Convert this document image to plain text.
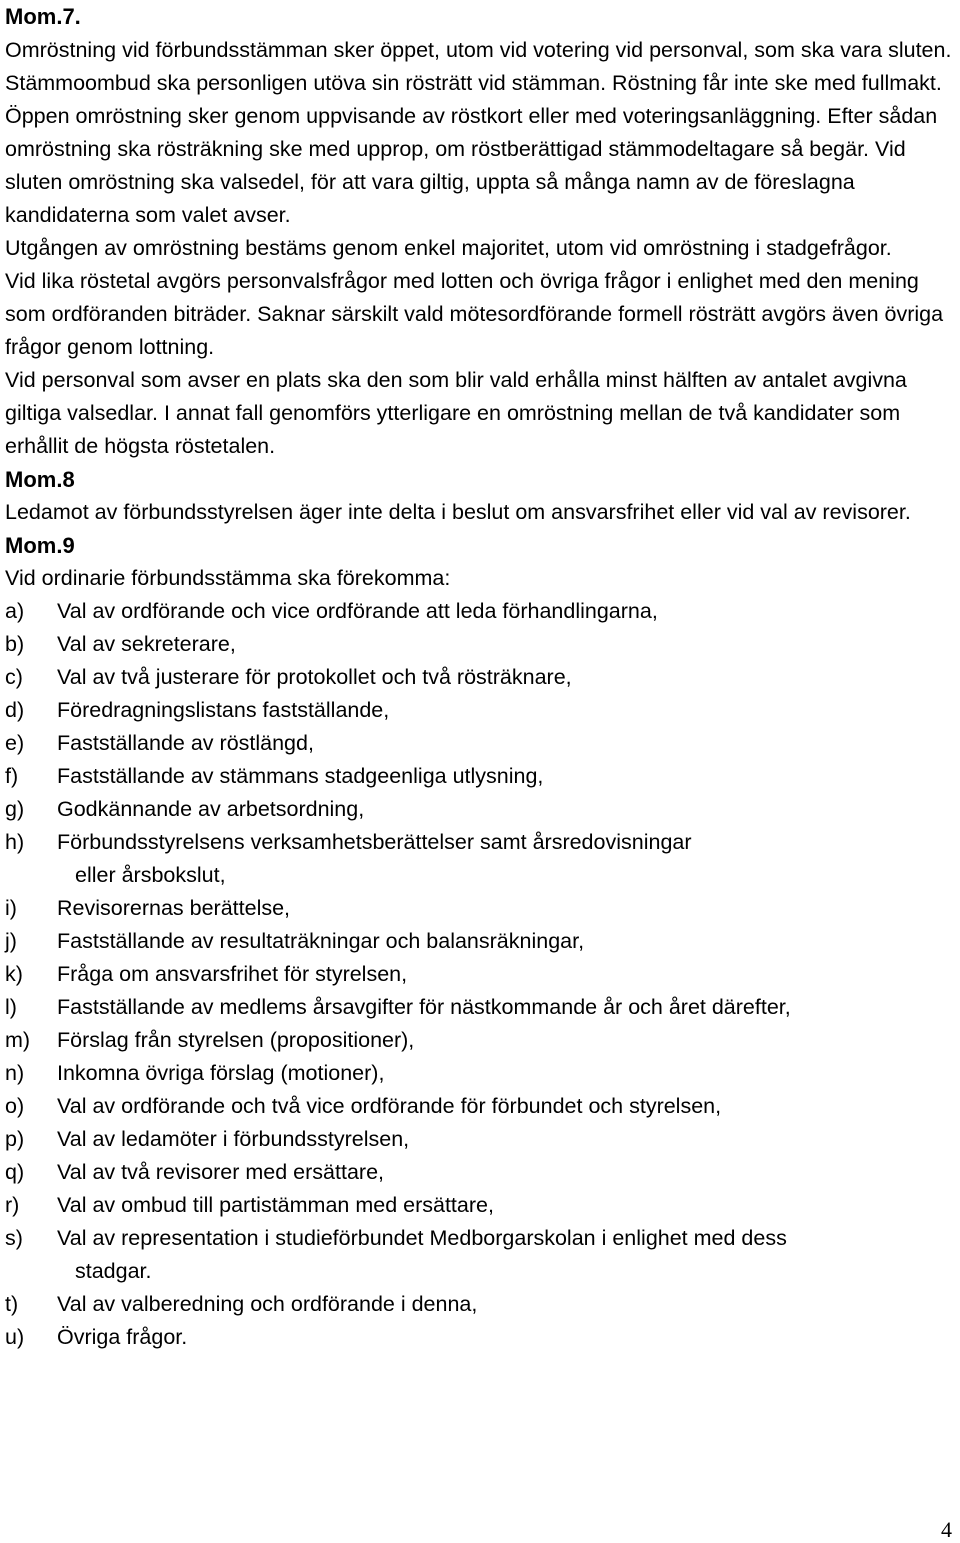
Mom.7.

Omröstning vid förbundsstämman sker öppet, utom vid votering vid personval, som ska vara sluten. Stämmoombud ska personligen utöva sin rösträtt vid stämman. Röstning får inte ske med fullmakt.

Öppen omröstning sker genom uppvisande av röstkort eller med voteringsanläggning. Efter sådan omröstning ska rösträkning ske med upprop, om röstberättigad stämmodeltagare så begär. Vid sluten omröstning ska valsedel, för att vara giltig, uppta så många namn av de föreslagna kandidaterna som valet avser.

Utgången av omröstning bestäms genom enkel majoritet, utom vid omröstning i stadgefrågor.

Vid lika röstetal avgörs personvalsfrågor med lotten och övriga frågor i enlighet med den mening som ordföranden biträder. Saknar särskilt vald mötesordförande formell rösträtt avgörs även övriga frågor genom lottning.

Vid personval som avser en plats ska den som blir vald erhålla minst hälften av antalet avgivna giltiga valsedlar. I annat fall genomförs ytterligare en omröstning mellan de två kandidater som erhållit de högsta röstetalen.

Mom.8

Ledamot av förbundsstyrelsen äger inte delta i beslut om ansvarsfrihet eller vid val av revisorer.

Mom.9

Vid ordinarie förbundsstämma ska förekomma:

a)	Val av ordförande och vice ordförande att leda förhandlingarna,
b)	Val av sekreterare,
c)	Val av två justerare för protokollet och två rösträknare,
d)	Föredragningslistans fastställande,
e)	Fastställande av röstlängd,
f)	Fastställande av stämmans stadgeenliga utlysning,
g)	Godkännande av arbetsordning,
h)	Förbundsstyrelsens verksamhetsberättelser samt årsredovisningar
eller årsbokslut,
i)	Revisorernas berättelse,
j)	Fastställande av resultaträkningar och balansräkningar,
k)	Fråga om ansvarsfrihet för styrelsen,
l)	Fastställande av medlems årsavgifter för nästkommande år och året därefter,
m)	Förslag från styrelsen (propositioner),
n)	Inkomna övriga förslag (motioner),
o)	Val av ordförande och två vice ordförande för förbundet och styrelsen,
p)	Val av ledamöter i förbundsstyrelsen,
q)	Val av två revisorer med ersättare,
r)	Val av ombud till partistämman med ersättare,
s)	Val av representation i studieförbundet Medborgarskolan i enlighet med dess
stadgar.
t)	Val av valberedning och ordförande i denna,
u)	Övriga frågor.
4
